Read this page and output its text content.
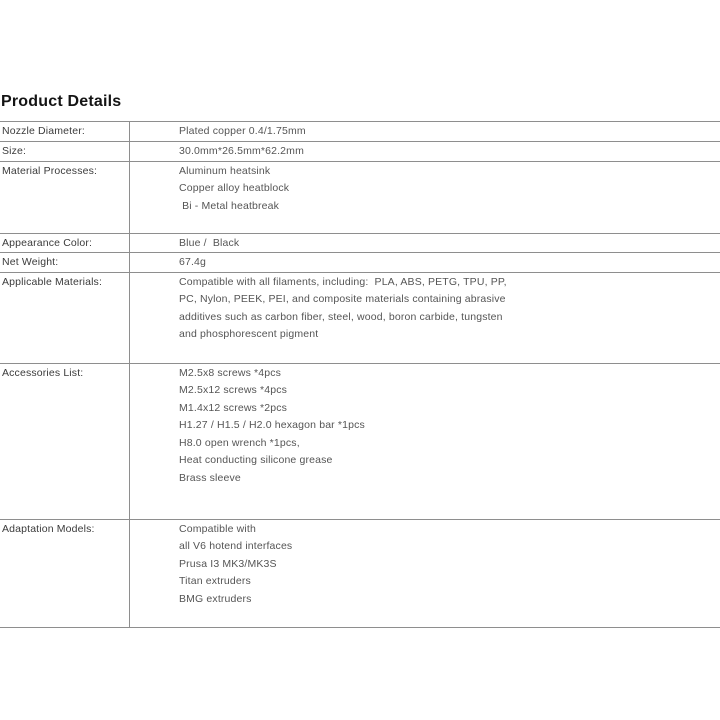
Product Details
Nozzle Diameter:	Plated copper 0.4/1.75mm
Size:	30.0mm*26.5mm*62.2mm
Material Processes:	Aluminum heatsink
Copper alloy heatblock
Bi - Metal heatbreak
Appearance Color:	Blue /  Black
Net Weight:	67.4g
Applicable Materials:	Compatible with all filaments, including:  PLA, ABS, PETG, TPU, PP,
PC, Nylon, PEEK, PEI, and composite materials containing abrasive
additives such as carbon fiber, steel, wood, boron carbide, tungsten
and phosphorescent pigment
Accessories List:	M2.5x8 screws *4pcs
M2.5x12 screws *4pcs
M1.4x12 screws *2pcs
H1.27 / H1.5 / H2.0 hexagon bar *1pcs
H8.0 open wrench *1pcs,
Heat conducting silicone grease
Brass sleeve
Adaptation Models:	Compatible with
all V6 hotend interfaces
Prusa I3 MK3/MK3S
Titan extruders
BMG extruders
